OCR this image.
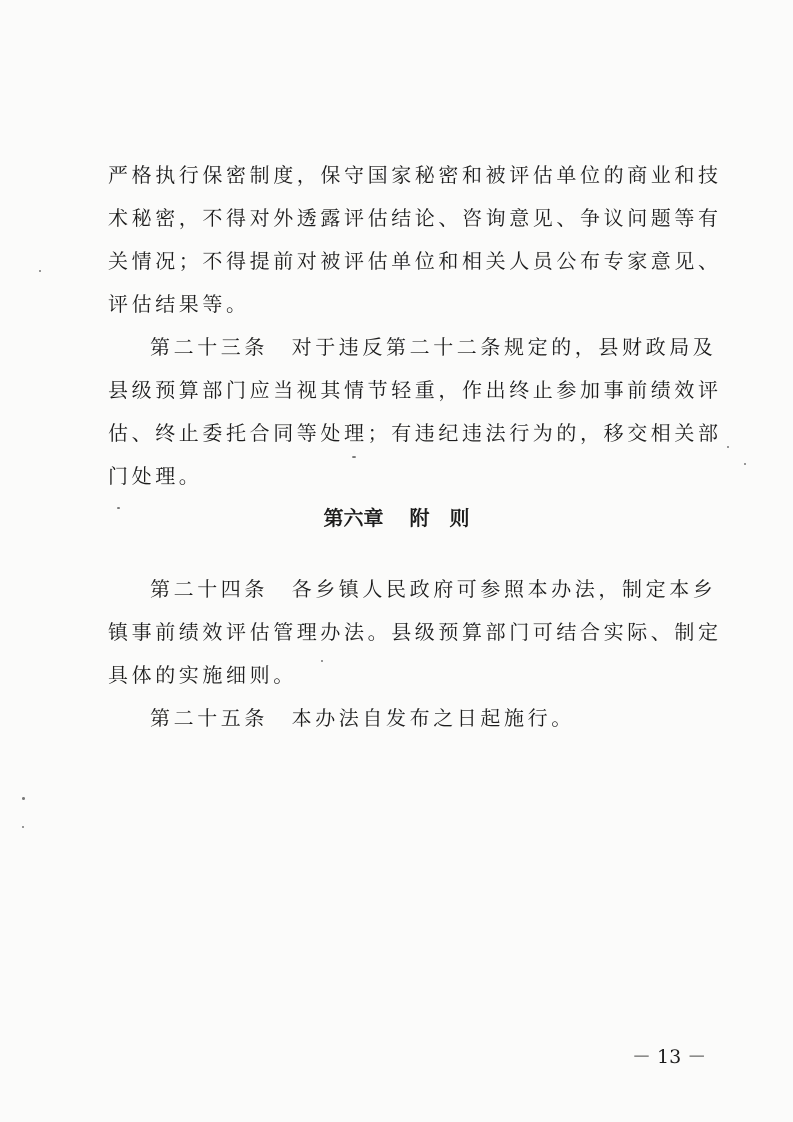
严格执行保密制度，保守国家秘密和被评估单位的商业和技
术秘密，不得对外透露评估结论、咨询意见、争议问题等有
关情况；不得提前对被评估单位和相关人员公布专家意见、
评估结果等。
第二十三条　对于违反第二十二条规定的，县财政局及
县级预算部门应当视其情节轻重，作出终止参加事前绩效评
估、终止委托合同等处理；有违纪违法行为的，移交相关部
门处理。
第六章 附　则
第二十四条　各乡镇人民政府可参照本办法，制定本乡
镇事前绩效评估管理办法。县级预算部门可结合实际、制定
具体的实施细则。
第二十五条　本办法自发布之日起施行。
－ 13 －
